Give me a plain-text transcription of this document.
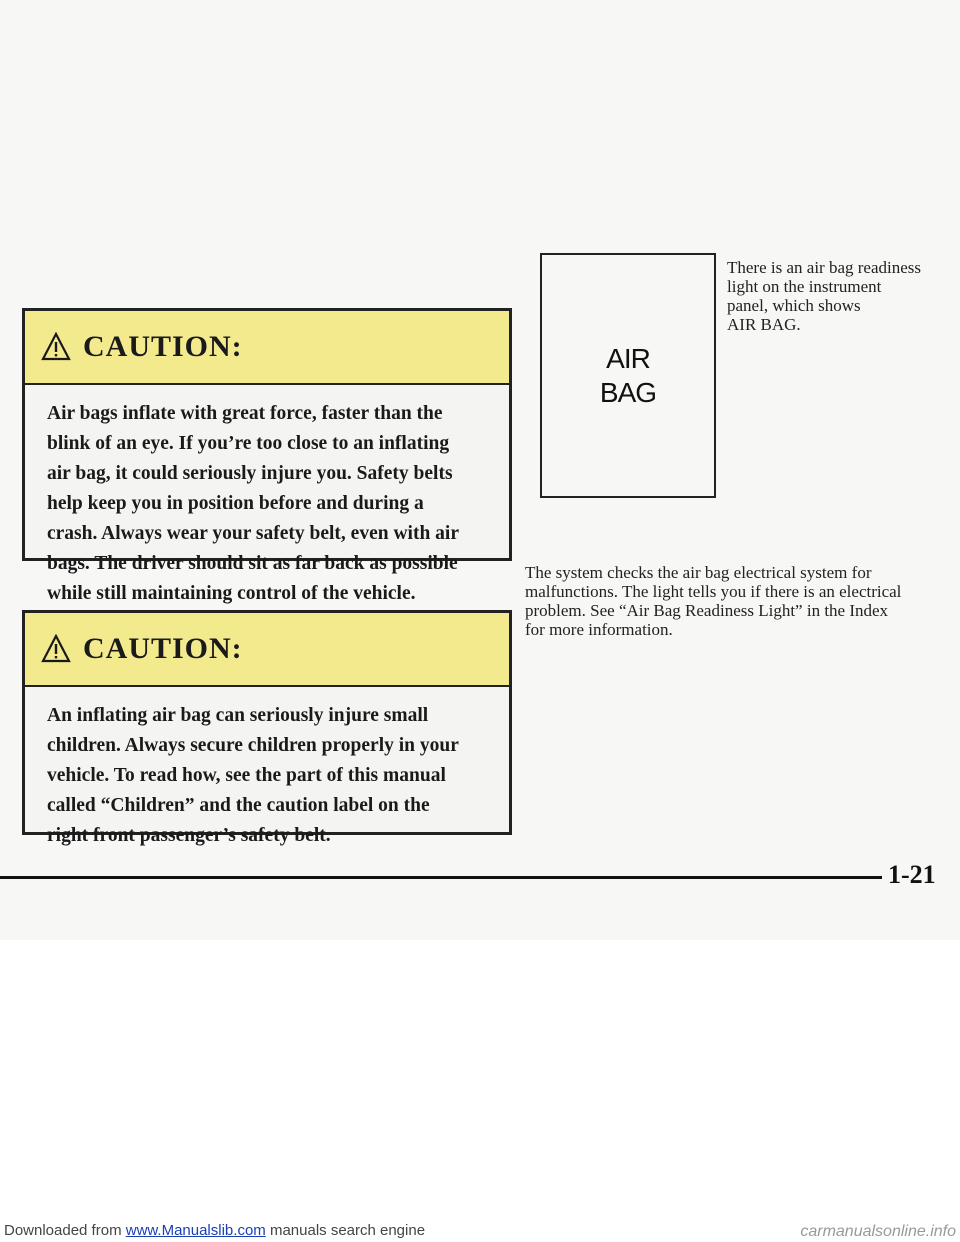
CAUTION:
Air bags inflate with great force, faster than the
blink of an eye. If you’re too close to an inflating
air bag, it could seriously injure you. Safety belts
help keep you in position before and during a
crash. Always wear your safety belt, even with air
bags. The driver should sit as far back as possible
while still maintaining control of the vehicle.
CAUTION:
An inflating air bag can seriously injure small
children. Always secure children properly in your
vehicle. To read how, see the part of this manual
called “Children” and the caution label on the
right front passenger’s safety belt.
AIR
BAG
There is an air bag readiness
light on the instrument
panel, which shows
AIR BAG.
The system checks the air bag electrical system for
malfunctions. The light tells you if there is an electrical
problem. See “Air Bag Readiness Light” in the Index
for more information.
1-21
Downloaded from www.Manualslib.com manuals search engine	carmanualsonline.info
